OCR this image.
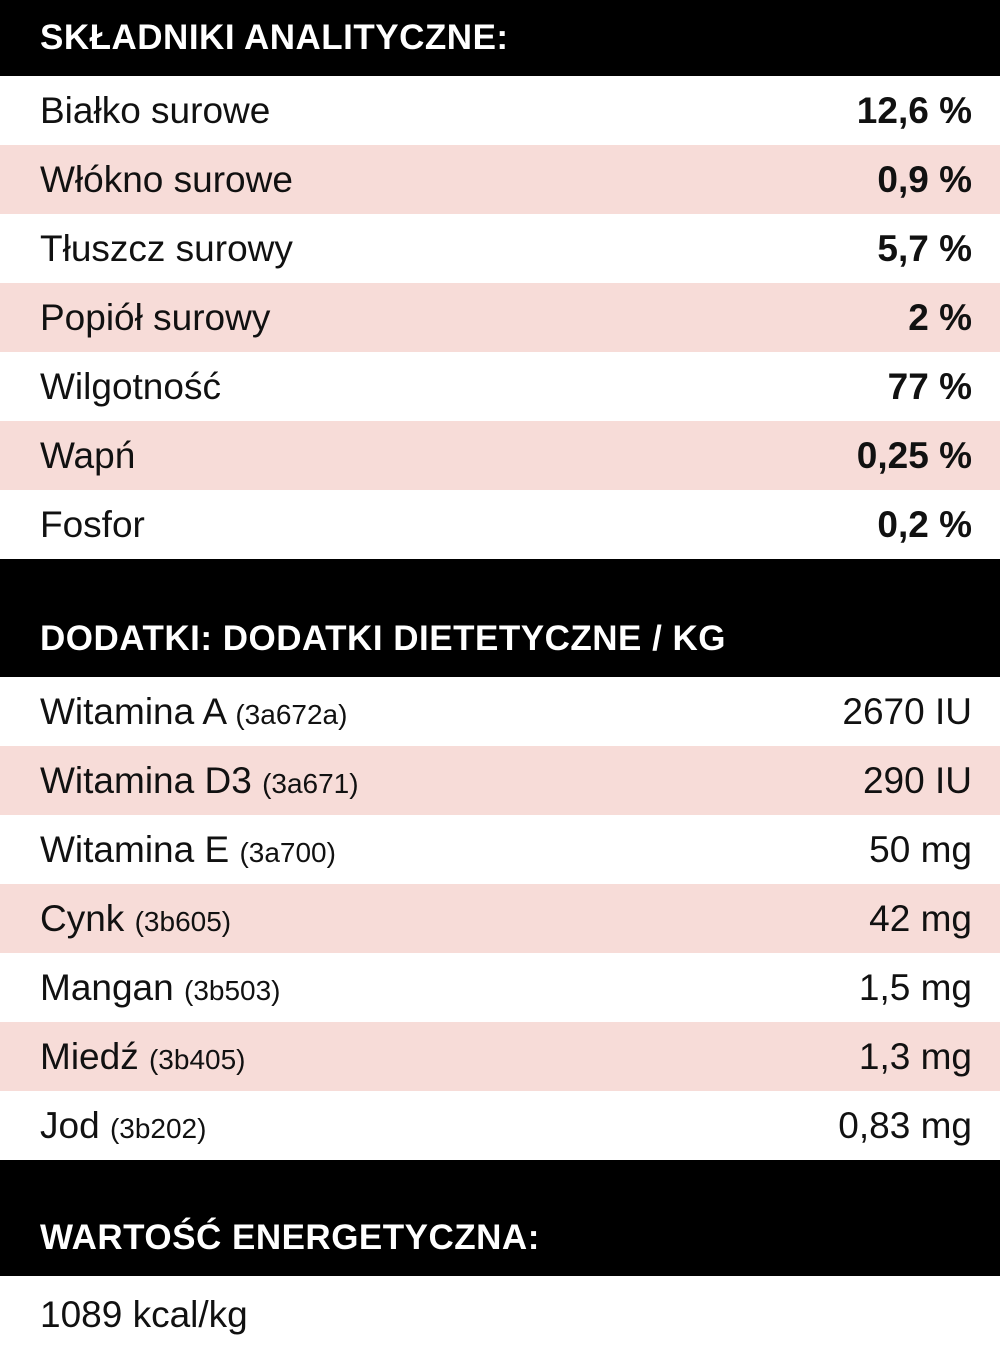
SKŁADNIKI ANALITYCZNE:
Białko surowe	12,6 %
Włókno surowe	0,9 %
Tłuszcz surowy	5,7 %
Popiół surowy	2 %
Wilgotność	77 %
Wapń	0,25 %
Fosfor	0,2 %
DODATKI: DODATKI DIETETYCZNE / KG
Witamina A (3a672a)	2670 IU
Witamina D3 (3a671)	290 IU
Witamina E (3a700)	50 mg
Cynk (3b605)	42 mg
Mangan (3b503)	1,5 mg
Miedź (3b405)	1,3 mg
Jod (3b202)	0,83 mg
WARTOŚĆ ENERGETYCZNA:
1089 kcal/kg
